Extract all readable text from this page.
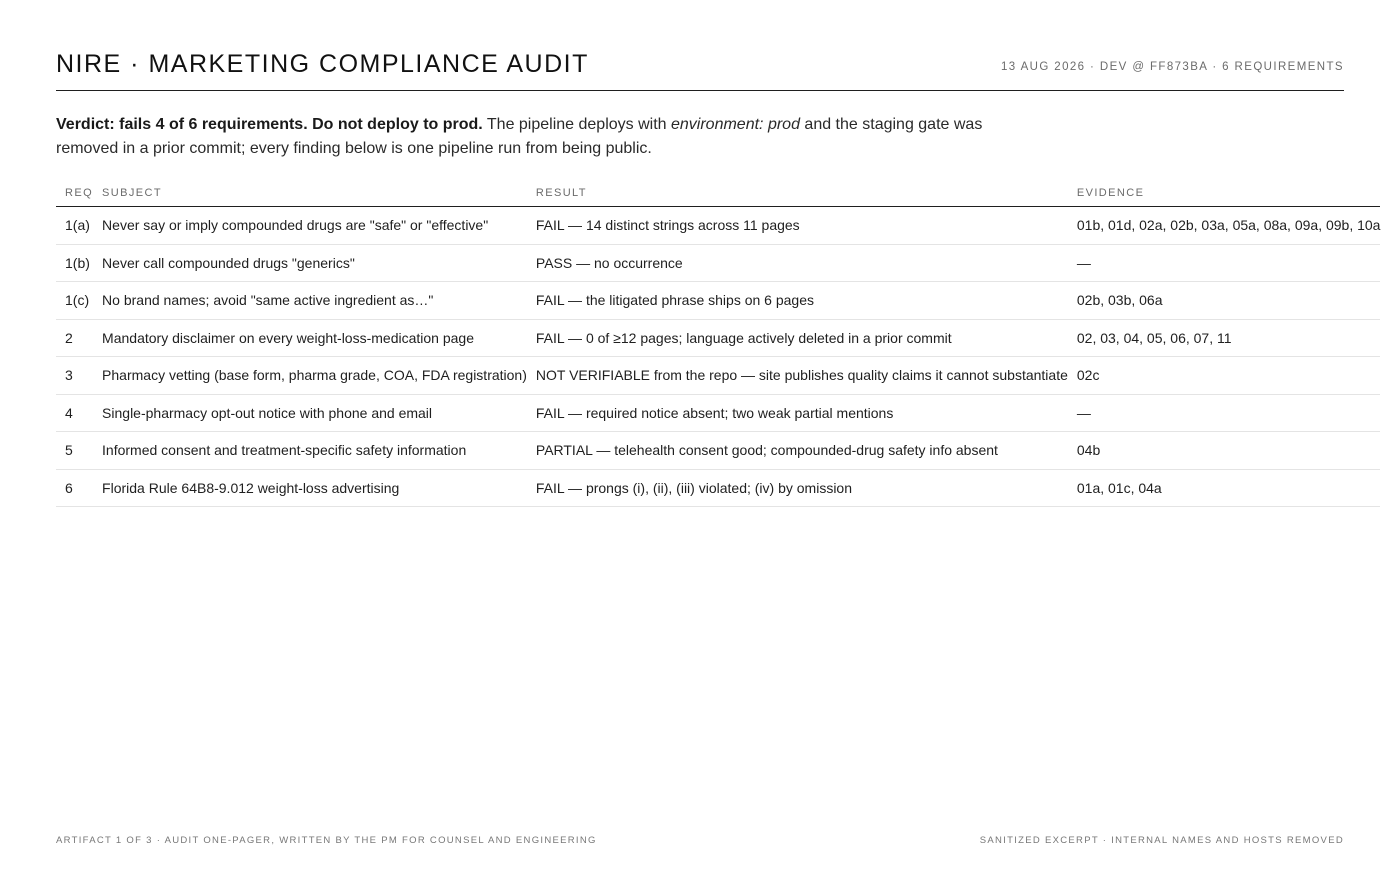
NIRE · MARKETING COMPLIANCE AUDIT	13 AUG 2026 · DEV @ FF873BA · 6 REQUIREMENTS
Verdict: fails 4 of 6 requirements. Do not deploy to prod. The pipeline deploys with environment: prod and the staging gate was removed in a prior commit; every finding below is one pipeline run from being public.
REQ	SUBJECT	RESULT	EVIDENCE
1(a)	Never say or imply compounded drugs are "safe" or "effective"	FAIL — 14 distinct strings across 11 pages	01b, 01d, 02a, 02b, 03a, 05a, 08a, 09a, 09b, 10a
1(b)	Never call compounded drugs "generics"	PASS — no occurrence	—
1(c)	No brand names; avoid "same active ingredient as…"	FAIL — the litigated phrase ships on 6 pages	02b, 03b, 06a
2	Mandatory disclaimer on every weight-loss-medication page	FAIL — 0 of ≥12 pages; language actively deleted in a prior commit	02, 03, 04, 05, 06, 07, 11
3	Pharmacy vetting (base form, pharma grade, COA, FDA registration)	NOT VERIFIABLE from the repo — site publishes quality claims it cannot substantiate	02c
4	Single-pharmacy opt-out notice with phone and email	FAIL — required notice absent; two weak partial mentions	—
5	Informed consent and treatment-specific safety information	PARTIAL — telehealth consent good; compounded-drug safety info absent	04b
6	Florida Rule 64B8-9.012 weight-loss advertising	FAIL — prongs (i), (ii), (iii) violated; (iv) by omission	01a, 01c, 04a
ARTIFACT 1 OF 3 · AUDIT ONE-PAGER, WRITTEN BY THE PM FOR COUNSEL AND ENGINEERING	SANITIZED EXCERPT · INTERNAL NAMES AND HOSTS REMOVED
